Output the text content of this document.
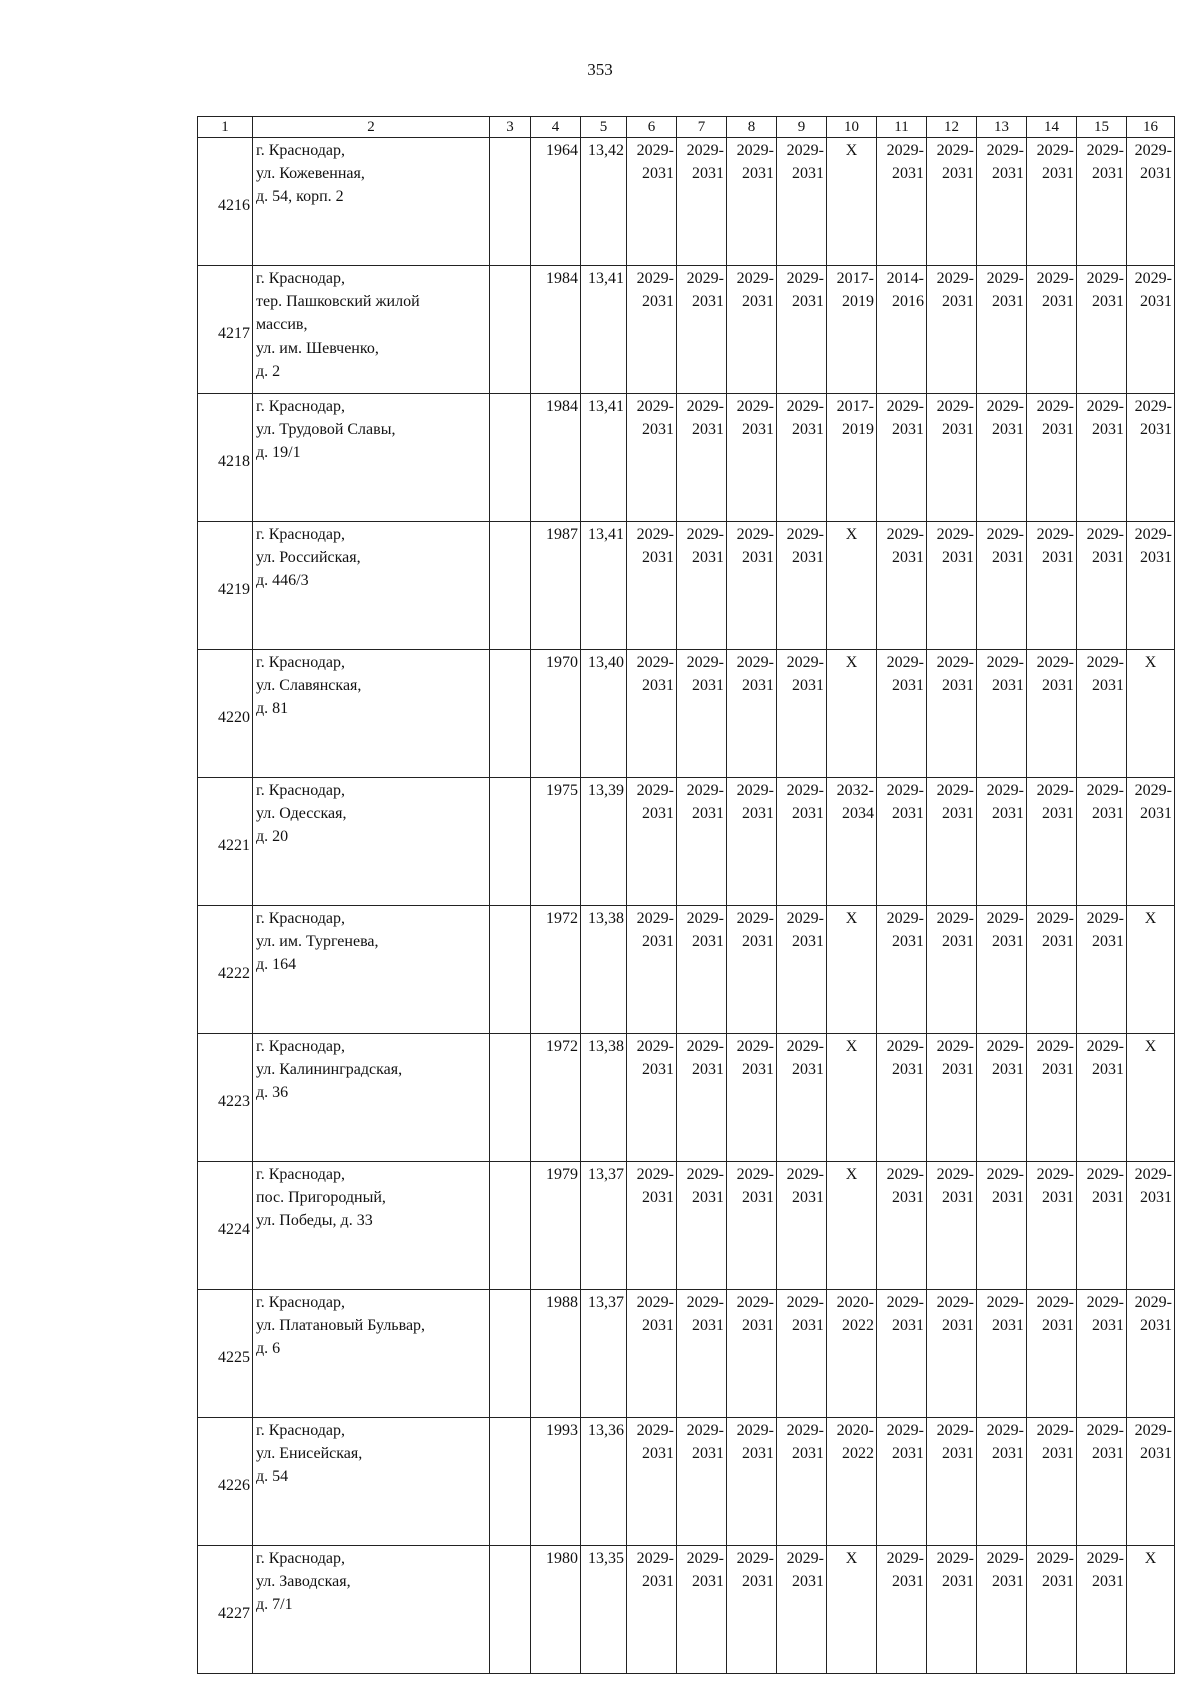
353
1	2	3	4	5	6	7	8	9	10	11	12	13	14	15	16
4216	г. Краснодар,
ул. Кожевенная,
д. 54, корп. 2		1964	13,42	2029-
2031	2029-
2031	2029-
2031	2029-
2031	X	2029-
2031	2029-
2031	2029-
2031	2029-
2031	2029-
2031	2029-
2031

4217	г. Краснодар,
тер. Пашковский жилой
массив,
ул. им. Шевченко,
д. 2		1984	13,41	2029-
2031	2029-
2031	2029-
2031	2029-
2031	2017-
2019	2014-
2016	2029-
2031	2029-
2031	2029-
2031	2029-
2031	2029-
2031

4218	г. Краснодар,
ул. Трудовой Славы,
д. 19/1		1984	13,41	2029-
2031	2029-
2031	2029-
2031	2029-
2031	2017-
2019	2029-
2031	2029-
2031	2029-
2031	2029-
2031	2029-
2031	2029-
2031

4219	г. Краснодар,
ул. Российская,
д. 446/3		1987	13,41	2029-
2031	2029-
2031	2029-
2031	2029-
2031	X	2029-
2031	2029-
2031	2029-
2031	2029-
2031	2029-
2031	2029-
2031

4220	г. Краснодар,
ул. Славянская,
д. 81		1970	13,40	2029-
2031	2029-
2031	2029-
2031	2029-
2031	X	2029-
2031	2029-
2031	2029-
2031	2029-
2031	2029-
2031	X
4221	г. Краснодар,
ул. Одесская,
д. 20		1975	13,39	2029-
2031	2029-
2031	2029-
2031	2029-
2031	2032-
2034	2029-
2031	2029-
2031	2029-
2031	2029-
2031	2029-
2031	2029-
2031

4222	г. Краснодар,
ул. им. Тургенева,
д. 164		1972	13,38	2029-
2031	2029-
2031	2029-
2031	2029-
2031	X	2029-
2031	2029-
2031	2029-
2031	2029-
2031	2029-
2031	X
4223	г. Краснодар,
ул. Калининградская,
д. 36		1972	13,38	2029-
2031	2029-
2031	2029-
2031	2029-
2031	X	2029-
2031	2029-
2031	2029-
2031	2029-
2031	2029-
2031	X
4224	г. Краснодар,
пос. Пригородный,
ул. Победы, д. 33		1979	13,37	2029-
2031	2029-
2031	2029-
2031	2029-
2031	X	2029-
2031	2029-
2031	2029-
2031	2029-
2031	2029-
2031	2029-
2031

4225	г. Краснодар,
ул. Платановый Бульвар,
д. 6		1988	13,37	2029-
2031	2029-
2031	2029-
2031	2029-
2031	2020-
2022	2029-
2031	2029-
2031	2029-
2031	2029-
2031	2029-
2031	2029-
2031

4226	г. Краснодар,
ул. Енисейская,
д. 54		1993	13,36	2029-
2031	2029-
2031	2029-
2031	2029-
2031	2020-
2022	2029-
2031	2029-
2031	2029-
2031	2029-
2031	2029-
2031	2029-
2031

4227	г. Краснодар,
ул. Заводская,
д. 7/1		1980	13,35	2029-
2031	2029-
2031	2029-
2031	2029-
2031	X	2029-
2031	2029-
2031	2029-
2031	2029-
2031	2029-
2031	X
